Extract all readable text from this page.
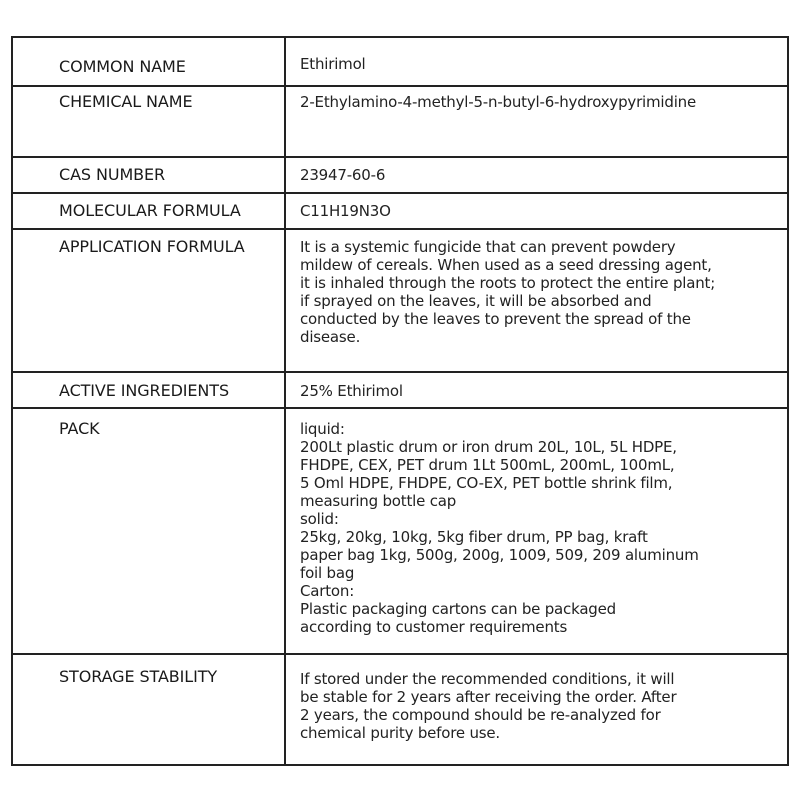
COMMON NAME	Ethirimol
CHEMICAL NAME	2-Ethylamino-4-methyl-5-n-butyl-6-hydroxypyrimidine
CAS NUMBER	23947-60-6
MOLECULAR FORMULA	C11H19N3O
APPLICATION FORMULA	It is a systemic fungicide that can prevent powdery
mildew of cereals. When used as a seed dressing agent,
it is inhaled through the roots to protect the entire plant;
if sprayed on the leaves, it will be absorbed and
conducted by the leaves to prevent the spread of the
disease.
ACTIVE INGREDIENTS	25% Ethirimol
PACK	liquid:
200Lt plastic drum or iron drum 20L, 10L, 5L HDPE,
FHDPE, CEX, PET drum 1Lt 500mL, 200mL, 100mL,
5 Oml HDPE, FHDPE, CO-EX, PET bottle shrink film,
measuring bottle cap
solid:
25kg, 20kg, 10kg, 5kg fiber drum, PP bag, kraft
paper bag 1kg, 500g, 200g, 1009, 509, 209 aluminum
foil bag
Carton:
Plastic packaging cartons can be packaged
according to customer requirements
STORAGE STABILITY	If stored under the recommended conditions, it will
be stable for 2 years after receiving the order. After
2 years, the compound should be re-analyzed for
chemical purity before use.
